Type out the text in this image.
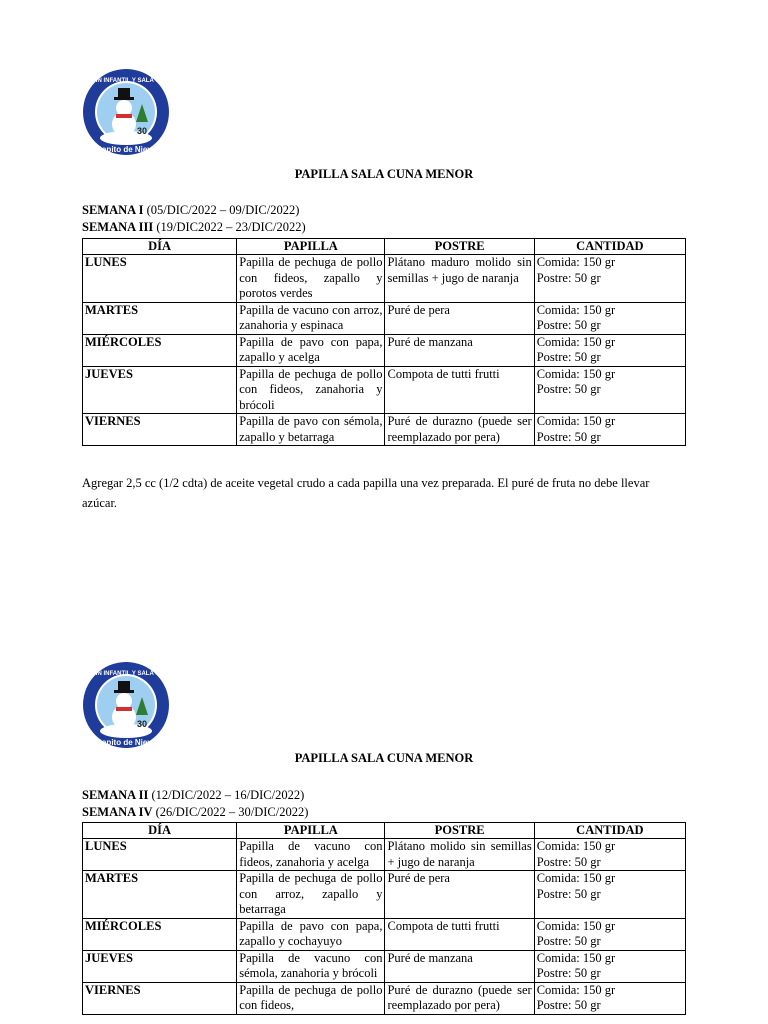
30
JARDIN INFANTIL Y SALA CUNA
Copito de Nieve
PAPILLA SALA CUNA MENOR
SEMANA I (05/DIC/2022 – 09/DIC/2022)
SEMANA III (19/DIC2022 – 23/DIC/2022)
DÍA	PAPILLA	POSTRE	CANTIDAD
LUNES	Papilla de pechuga de pollo con fideos, zapallo y porotos verdes	Plátano maduro molido sin semillas + jugo de naranja	Comida: 150 gr
Postre: 50 gr

MARTES	Papilla de vacuno con arroz, zanahoria y espinaca	Puré de pera	Comida: 150 gr
Postre: 50 gr

MIÉRCOLES	Papilla de pavo con papa, zapallo y acelga	Puré de manzana	Comida: 150 gr
Postre: 50 gr

JUEVES	Papilla de pechuga de pollo con fideos, zanahoria y brócoli	Compota de tutti frutti	Comida: 150 gr
Postre: 50 gr

VIERNES	Papilla de pavo con sémola, zapallo y betarraga	Puré de durazno (puede ser reemplazado por pera)	Comida: 150 gr
Postre: 50 gr
Agregar 2,5 cc (1/2 cdta) de aceite vegetal crudo a cada papilla una vez preparada. El puré de fruta no debe llevar azúcar.
30
JARDIN INFANTIL Y SALA CUNA
Copito de Nieve
PAPILLA SALA CUNA MENOR
SEMANA II (12/DIC/2022 – 16/DIC/2022)
SEMANA IV (26/DIC/2022 – 30/DIC/2022)
DÍA	PAPILLA	POSTRE	CANTIDAD
LUNES	Papilla de vacuno con fideos, zanahoria y acelga	Plátano molido sin semillas + jugo de naranja	Comida: 150 gr
Postre: 50 gr

MARTES	Papilla de pechuga de pollo con arroz, zapallo y betarraga	Puré de pera	Comida: 150 gr
Postre: 50 gr

MIÉRCOLES	Papilla de pavo con papa, zapallo y cochayuyo	Compota de tutti frutti	Comida: 150 gr
Postre: 50 gr

JUEVES	Papilla de vacuno con sémola, zanahoria y brócoli	Puré de manzana	Comida: 150 gr
Postre: 50 gr

VIERNES	Papilla de pechuga de pollo con fideos,	Puré de durazno (puede ser reemplazado por pera)	Comida: 150 gr
Postre: 50 gr
